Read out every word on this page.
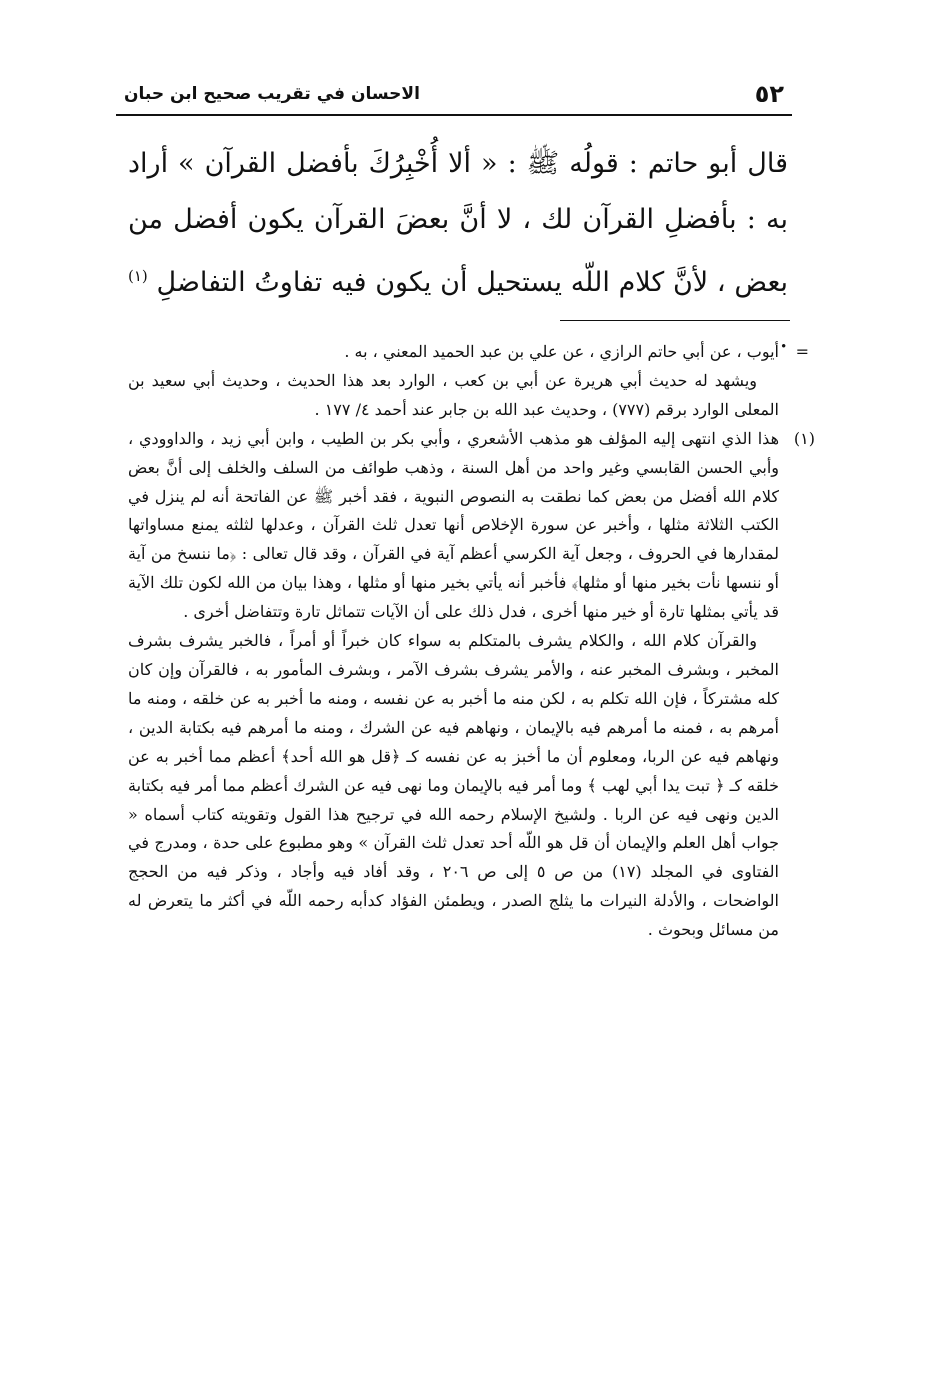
٥٢
الاحسان في تقريب صحيح ابن حبان

قال أبو حاتم : قولُه ﷺ : « ألا أُخْبِرُكَ بأفضل القرآن » أراد به : بأفضلِ القرآن لك ، لا أنَّ بعضَ القرآن يكون أفضل من بعض ، لأنَّ كلام اللّه يستحيل أن يكون فيه تفاوتُ التفاضلِ $^{(١)}$ . =
أيوب ، عن أبي حاتم الرازي ، عن علي بن عبد الحميد المعني ، به .

ويشهد له حديث أبي هريرة عن أبي بن كعب ، الوارد بعد هذا الحديث ، وحديث أبي سعيد بن المعلى الوارد برقم (٧٧٧) ، وحديث عبد الله بن جابر عند أحمد ٤/ ١٧٧ .

(١)
هذا الذي انتهى إليه المؤلف هو مذهب الأشعري ، وأبي بكر بن الطيب ، وابن أبي زيد ، والداوودي ، وأبي الحسن القابسي وغير واحد من أهل السنة ، وذهب طوائف من السلف والخلف إلى أنَّ بعض كلام الله أفضل من بعض كما نطقت به النصوص النبوية ، فقد أخبر ﷺ عن الفاتحة أنه لم ينزل في الكتب الثلاثة مثلها ، وأخبر عن سورة الإخلاص أنها تعدل ثلث القرآن ، وعدلها لثلثه يمنع مساواتها لمقدارها في الحروف ، وجعل آية الكرسي أعظم آية في القرآن ، وقد قال تعالى : ﴿ما ننسخ من آية أو ننسها نأت بخير منها أو مثلها﴾ فأخبر أنه يأتي بخير منها أو مثلها ، وهذا بيان من الله لكون تلك الآية قد يأتي بمثلها تارة أو خير منها أخرى ، فدل ذلك على أن الآيات تتماثل تارة وتتفاضل أخرى .

والقرآن كلام الله ، والكلام يشرف بالمتكلم به سواء كان خبراً أو أمراً ، فالخبر يشرف بشرف المخبر ، وبشرف المخبر عنه ، والأمر يشرف بشرف الآمر ، وبشرف المأمور به ، فالقرآن وإن كان كله مشتركاً ، فإن الله تكلم به ، لكن منه ما أخبر به عن نفسه ، ومنه ما أخبر به عن خلقه ، ومنه ما أمرهم به ، فمنه ما أمرهم فيه بالإيمان ، ونهاهم فيه عن الشرك ، ومنه ما أمرهم فيه بكتابة الدين ، ونهاهم فيه عن الربا، ومعلوم أن ما أخبز به عن نفسه كـ ﴿قل هو الله أحد﴾ أعظم مما أخبر به عن خلقه كـ ﴿ تبت يدا أبي لهب ﴾ وما أمر فيه بالإيمان وما نهى فيه عن الشرك أعظم مما أمر فيه بكتابة الدين ونهى فيه عن الربا . ولشيخ الإسلام رحمه الله في ترجيح هذا القول وتقويته كتاب أسماه « جواب أهل العلم والإيمان أن قل هو اللّه أحد تعدل ثلث القرآن » وهو مطبوع على حدة ، ومدرج في الفتاوى في المجلد (١٧) من ص ٥ إلى ص ٢٠٦ ، وقد أفاد فيه وأجاد ، وذكر فيه من الحجج الواضحات ، والأدلة النيرات ما يثلج الصدر ، ويطمئن الفؤاد كدأبه رحمه اللّه في أكثر ما يتعرض له من مسائل وبحوث .
